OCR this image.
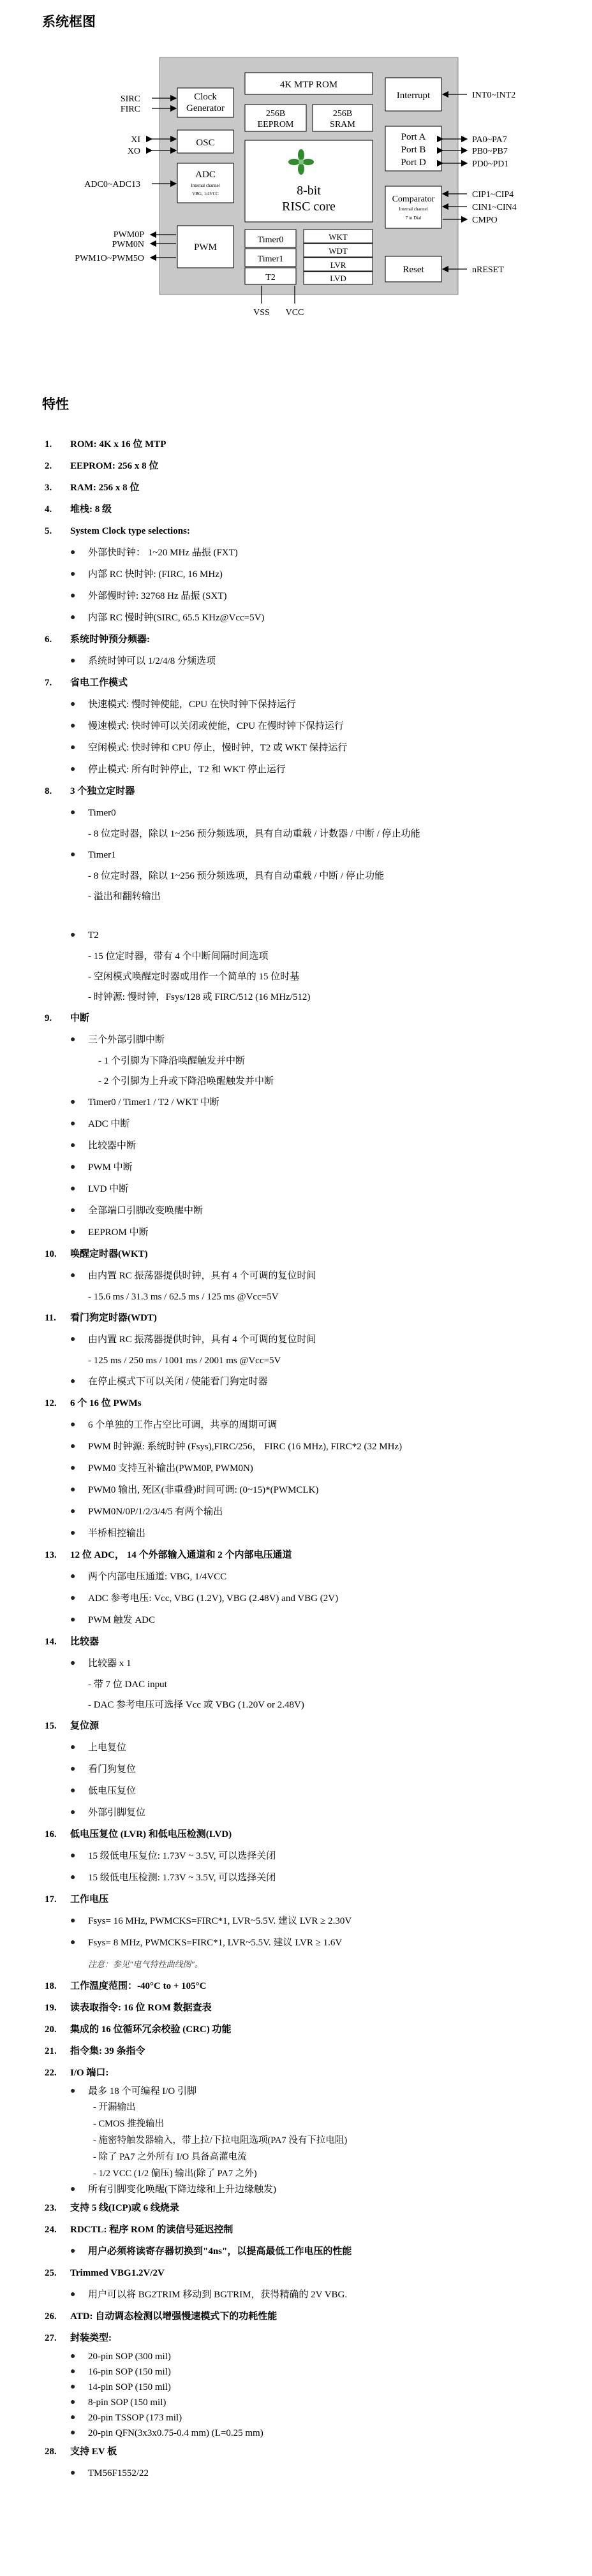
系统框图
Clock
Generator
OSC
ADC
Internal channel
VBG, 1/4VCC
PWM
4K MTP ROM
256B
EEPROM
256B
SRAM
8-bit
RISC core
Timer0
Timer1
T2
WKT
WDT
LVR
LVD
Interrupt
Port A
Port B
Port D
Comparator
Internal channel
7 in Dial
Reset
SIRC
FIRC
XI
XO
ADC0~ADC13
PWM0P
PWM0N
PWM1O~PWM5O
INT0~INT2
PA0~PA7
PB0~PB7
PD0~PD1
CIP1~CIP4
CIN1~CIN4
CMPO
nRESET
VSS VCC
特性
1.	ROM: 4K x 16 位 MTP
2.	EEPROM: 256 x 8 位
3.	RAM: 256 x 8 位
4.	堆栈: 8 级
5.	System Clock type selections:
● 外部快时钟： 1~20 MHz 晶振 (FXT)
● 内部 RC 快时钟: (FIRC, 16 MHz)
● 外部慢时钟: 32768 Hz 晶振 (SXT)
● 内部 RC 慢时钟(SIRC, 65.5 KHz@Vcc=5V)
6.	系统时钟预分频器:
● 系统时钟可以 1/2/4/8 分频选项
7.	省电工作模式
● 快速模式: 慢时钟使能，CPU 在快时钟下保持运行
● 慢速模式: 快时钟可以关闭或使能，CPU 在慢时钟下保持运行
● 空闲模式: 快时钟和 CPU 停止，慢时钟，T2 或 WKT 保持运行
● 停止模式: 所有时钟停止，T2 和 WKT 停止运行
8.	3 个独立定时器
● Timer0
- 8 位定时器，除以 1~256 预分频选项，具有自动重载 / 计数器 / 中断 / 停止功能
● Timer1
- 8 位定时器，除以 1~256 预分频选项，具有自动重载 / 中断 / 停止功能
- 溢出和翻转输出
● T2
- 15 位定时器，带有 4 个中断间隔时间选项
- 空闲模式唤醒定时器或用作一个简单的 15 位时基
- 时钟源: 慢时钟，Fsys/128 或 FIRC/512 (16 MHz/512)
9.	中断
● 三个外部引脚中断
- 1 个引脚为下降沿唤醒触发并中断
- 2 个引脚为上升或下降沿唤醒触发并中断
● Timer0 / Timer1 / T2 / WKT 中断
● ADC 中断
● 比较器中断
● PWM 中断
● LVD 中断
● 全部端口引脚改变唤醒中断
● EEPROM 中断
10.	唤醒定时器(WKT)
● 由内置 RC 振荡器提供时钟，具有 4 个可调的复位时间
- 15.6 ms / 31.3 ms / 62.5 ms / 125 ms @Vcc=5V
11.	看门狗定时器(WDT)
● 由内置 RC 振荡器提供时钟，具有 4 个可调的复位时间
- 125 ms / 250 ms / 1001 ms / 2001 ms @Vcc=5V
● 在停止模式下可以关闭 / 使能看门狗定时器
12.	6 个 16 位 PWMs
● 6 个单独的工作占空比可调，共享的周期可调
● PWM 时钟源: 系统时钟 (Fsys),FIRC/256， FIRC (16 MHz), FIRC*2 (32 MHz)
● PWM0 支持互补输出(PWM0P, PWM0N)
● PWM0 输出, 死区(非重叠)时间可调: (0~15)*(PWMCLK)
● PWM0N/0P/1/2/3/4/5 有两个输出
● 半桥相控输出
13.	12 位 ADC， 14 个外部输入通道和 2 个内部电压通道
● 两个内部电压通道: VBG, 1/4VCC
● ADC 参考电压: Vcc, VBG (1.2V), VBG (2.48V) and VBG (2V)
● PWM 触发 ADC
14.	比较器
● 比较器 x 1
- 带 7 位 DAC input
- DAC 参考电压可选择 Vcc 或 VBG (1.20V or 2.48V)
15.	复位源
● 上电复位
● 看门狗复位
● 低电压复位
● 外部引脚复位
16.	低电压复位 (LVR) 和低电压检测(LVD)
● 15 级低电压复位: 1.73V ~ 3.5V, 可以选择关闭
● 15 级低电压检测: 1.73V ~ 3.5V, 可以选择关闭
17.	工作电压
● Fsys= 16 MHz, PWMCKS=FIRC*1, LVR~5.5V. 建议 LVR ≥ 2.30V
● Fsys= 8 MHz, PWMCKS=FIRC*1, LVR~5.5V. 建议 LVR ≥ 1.6V
注意：参见"电气特性曲线图"。
18.	工作温度范围：-40°C to + 105°C
19.	读表取指令: 16 位 ROM 数据查表
20.	集成的 16 位循环冗余校验 (CRC) 功能
21.	指令集: 39 条指令
22.	I/O 端口:
● 最多 18 个可编程 I/O 引脚
- 开漏输出
- CMOS 推挽输出
- 施密特触发器输入，带上拉/下拉电阻选项(PA7 没有下拉电阻)
- 除了 PA7 之外所有 I/O 具备高灌电流
- 1/2 VCC (1/2 偏压) 输出(除了 PA7 之外)
● 所有引脚变化唤醒(下降边缘和上升边缘触发)
23.	支持 5 线(ICP)或 6 线烧录
24.	RDCTL: 程序 ROM 的读信号延迟控制
● 用户必须将读寄存器切换到"4ns"，以提高最低工作电压的性能
25.	Trimmed VBG1.2V/2V
● 用户可以将 BG2TRIM 移动到 BGTRIM，获得精确的 2V VBG.
26.	ATD: 自动调态检测以增强慢速模式下的功耗性能
27.	封装类型:
● 20-pin SOP (300 mil)
● 16-pin SOP (150 mil)
● 14-pin SOP (150 mil)
● 8-pin SOP (150 mil)
● 20-pin TSSOP (173 mil)
● 20-pin QFN(3x3x0.75-0.4 mm) (L=0.25 mm)
28.	支持 EV 板
● TM56F1552/22
